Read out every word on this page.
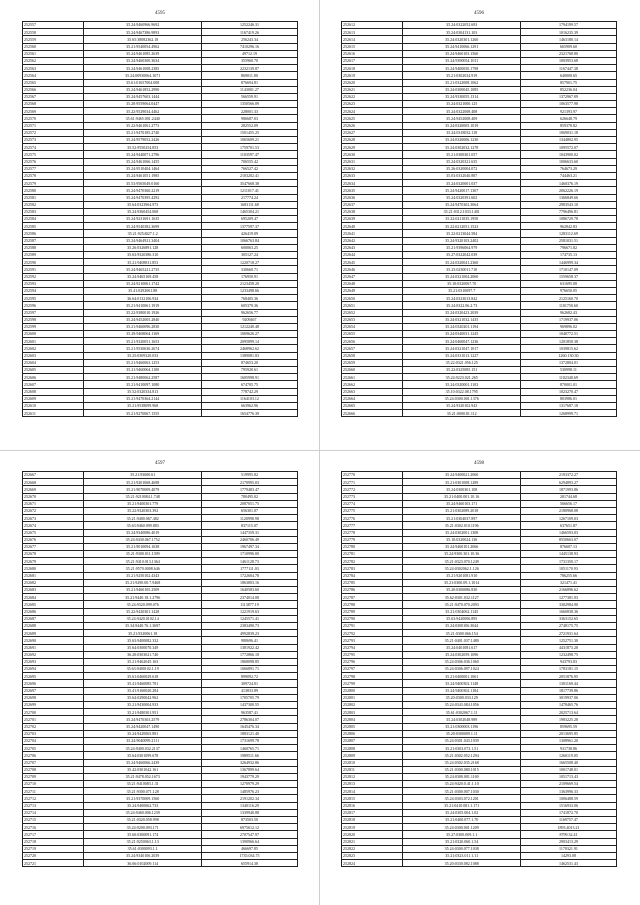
4595
252557	35.24:9460966.9692	1252246.31
252558	35.24:9467386.9893	1167419.26
252559	35.65:38082362.18	256243.34
252560	35.21:9540054.4962	7410296.16
252561	35.24:9461085.2639	49712.19
252562	35.24:9460300.3634	355960.70
252563	35.24:9461008.2385	2232139.87
252564	35.24:00930064.1071	869011.80
252565	35.61:01657004.008	876694.81
252566	35.24:9461852.2990	1143001.27
252567	35.24:9457603.1444	566559.91
252568	35.20:9559064.0447	1350566.09
252569	35.22:9529034.4462	228001.33
252570	35.61:9465.001.2440	986687.03
252571	35.22:9461061.2773	282552.09
252572	35.21:9470185.2740	1501455.25
252573	35.24:9579052.2426	1065609.21
252574	35.52:9550254.853	1759701.53
252575	35.24:9440071.2796	1103597.47
252576	35.24:9461066.1455	706555.42
252577	35.24:9510404.1464	766527.42
252578	35.24:9461051.1985	2103202.41
252579	35.53:9565049.0160	3547668.38
252580	35.24:9470360.2219	1211017.41
252581	35.24:9470395.4292	217774.24
252582	35.64:0323964.973	1683111.68
252583	35.24:9360454.068	1465304.21
252584	35.24:9231691.1635	695209.47
252585	35.24:9540382.3699	1377597.37
252586	35.21:9254027.1.2	426419.09
252587	35.24:9464921.3404	1066763.84
252588	35.26:0326891.128	600063.25
252589	35.63:9320386.310	305127.24
252590	35.21:9408811.853	1220718.27
252591	35.24:9465221.2735	330660.71
252592	35.24:9465169.458	176950.91
252593	35.24:9210061.1742	2123458.20
252594	35.41:0292061.88	1233498.66
252595	36.64:0132106.934	768405.36
252596	35.21:9410061.1919	605379.36
252597	35.22:9380010.1926	962656.77
252598	35.24:9452005.2840	9209467
252599	35.21:9460096.2830	1212240.48
252600	35.29:9468064.1169	1069626.27
252601	35.21:9320051.1653	2095899.14
252602	35.21:9530630.2674	2468962.62
252603	35.25:0309320.033	1389081.83
252604	35.21:9460063.1253	874653.20
252605	35.21:9460064.1100	795920.61
252606	35.21:9480062.2587	1605998.91
252607	35.21:9410097.1080	674705.75
252608	35.52:0320334.813	778742.29
252609	35.21:9470364.2144	1164103.12
252610	35.21:9538099.968	663962.96
252611	35.21:9270067.1555	1654776.39
4596
252612	35.24:0322052.693	1794199.57
252613	35.24:0304131.103	1016235.39
252614	35.24:0320301.1260	1463180.14
252615	35.24:9410066.1291	665909.60
252616	35.24:9460103.1560	2321768.80
252617	35.24:9390054.1011	1003953.68
252618	35.24:9400050.1798	1167447.38
252619	35.21:0302034.919	640000.65
252620	35.21:0322008.1062	857901.75
252621	35.24:0300045.1085	852236.04
252622	35.24:9330055.1314	1372967.09
252623	35.24:0321000.125	1063577.98
252624	35.24:0322008.408	921393.97
252625	35.24:9452008.409	626648.79
252626	35.24:0320005.1019	859378.82
252627	35.24:0318032.118	1069031.18
252628	35.24:0320006.1230	1344802.95
252629	35.24:0302032.1278	1095572.07
252630	35.21:0300301.057	1043900.02
252631	35.24:0320321.635	1006633.60
252632	35.26:0320004.072	764673.29
252633	35.03:0332040.887	744463.21
252634	35.24:0320001.037	1460376.19
252635	35.24:9420017.1307	2062226.19
252636	35.24:0320391.602	1366849.66
252637	35.24:9470302.3064	2983543.10
252638	35.21:0312.1033.1401	7796496.81
252639	35.22:0211035.1958	1086729.78
252640	35.22:0212051.1523	962842.83
252641	35.22:0213044.584	1283112.69
252642	35.24:9320103.2402	2581031.51
252643	35.21:9396064.979	796671.82
252644	35.27:0322042.039	174735.13
252645	35.24:0320041.2360	1446999.34
252646	35.25:0230011.710	1710147.09
252647	35.24:0321004.2060	1559658.37
252648	35.10:0320067.70	631695.08
252649	35.21:0310097.7	976650.05
252650	35.24:0323013.842	2125160.70
252651	35.24:0322.06.2.73	1101750.60
252652	35.24:0320423.2039	962682.43
252653	35.24:0321032.1435	1719937.06
252654	35.24:0320201.1194	969896.02
252655	35.24:0340031.1245	1040772.51
252656	35.24:0460047.1236	1201850.38
252657	35.24:0321047.1017	1039815.62
252658	35.24:0331013.1227	1260.130.30
252659	35.22:0321.056.125	1372804.01
252660	35.22:0325085.151	530998.11
252661	35.24:9223.021.265	1102340.69
252662	35.24:0320001.1103	870001.01
252663	35.10:0322.08.1795	1023270.47
252664	35.24:0300.001.1376	803986.01
252665	35.24:9320102.943	1317687.18
252666	35.21:0000.81.112	1268999.71
4597
252667	35.21:93000.61	519995.82
252668	35.21:9201068.4698	2170995.03
252669	35.21:9070009.4079	1779483.47
252670	35.21:9210084.1.748	780495.02
252671	35.21:9400301.779	2087051.75
252672	35.22:9320303.392	656301.07
252673	35.21:9400.067.482	1120998.98
252674	35.63:9460.099.883	837115.07
252675	35.24:9340086.4019	1447359.31
252676	35.24:9430.067.1752	2460706.49
252677	35.21:9010094.1638	1967497.34
252678	35.21:9300.011.1399	1710996.00
252679	35.21:9410.013.1364	1461128.73
252680	35.21:9570.0008.646	1777111.03
252681	35.21:9250102.4343	1722604.78
252682	35.21:9290.00.7.9468	1863803.16
252683	35.21:9460105.2509	1640583.60
252684	35.21:9440.18.1.2796	2374014.08
252685	35.24:9320.099.076	1113877.19
252686	35.22:9420301.1428	1221919.63
252687	35.24:9420.0102.14	1245571.41
252688	35.34:9440.76.1.3697	2383490.73
252689	35.21:9320061.18	4992839.23
252690	35.63:9400082.332	980696.41
252691	35.64:0300070.349	1381922.42
252692	36.20:0303021.740	1772866.18
252693	35.21:9462045.163	1868098.85
252694	35.63:9400102.1.19	1066891.71
252695	35.61:0460029.618	899092.72
252696	35.41:9460085.781	309724.01
252697	35.41:9160020.284	413833.89
252698	35.64:0290042.962	1705705.79
252699	35.21:9430004.933	1437300.55
252700	35.21:9480301.951	963587.41
252701	35.24:9470303.2579	2786304.07
252702	35.24:9420047.1490	1645476.34
252703	35.24:9420065.881	1883121.40
252704	35.24:9040099.2111	1731699.78
252705	35.24:9400.032.2137	1460765.71
252706	35.64:0301099.678	1989511.66
252707	35.24:9460066.2439	3264932.86
252708	35.42:0301042.161	1367899.64
252709	35.21:9478.052.1673	1943779.29
252710	35.21:9410083.1.31	1270979.29
252711	35.21:9300.071.128	1485976.23
252712	35.21:9370009.1560	2191202.34
252713	35.24:9400062.733	1340116.29
252714	35.24:9460.006.1239	1339940.88
252715	35.21:0320.058.998	873503.50
252716	35.24:9200.093.171	6975612.12
252717	35.60:0300091.174	2707547.97
252718	35.21:9250063.1.13	1390966.64
252719	35.61:0300093.1.1	466697.85
252720	35.24:9340106.2039	1735.034.75
252721	36.66:0102009.114	655914.38
4598
252770	35.24:9400021.2060	2193372.27
252771	35.21:0301008.1289	6294893.27
252772	35.24:0300301.108	1871993.86
252773	35.21:0400.001.10.16	201744.68
252774	35.24:9460103.171	566656.17
252775	35.21:0302089.2018	2180968.08
252776	35.21:0304037.897	1267109.03
252777	35.21:0302.010.1196	637651.87
252778	35.24:0302001.1308	1466593.03
252779	35.10:0320024.136	8550663.07
252780	35.24:9460101.2066	876607.13
252781	35.24:9300.301.10.36	1445138.93
252782	35.21:0323.070.1249	1731350.17
252783	35.24:0302062.1.126	1051170.93
252784	35.21:9201081.910	786255.66
252785	35.21:0300.09.1.1014	321471.41
252786	35.20:0300086.830	2166896.62
252787	35.62:0301.032.1127	1277381.93
252788	35.21:9470.070.2093	3302984.90
252789	35.21:0304062.1145	1660838.36
252790	35.63:9420006.895	3363152.65
252791	35.24:0300106.3044	2748175.75
252792	35.21:0300.066.154	2721931.64
252793	35.21:0401.037.1480	1252751.30
252794	35.24:0401081.617	4431873.28
252795	35.24:0302059.1096	1232498.75
252796	35.24:0306.036.1060	943793.83
252797	35.24:0306.097.1024	1783181.15
252798	35.21:0400001.1061	2051876.95
252799	35.24:9400302.1148	1301169.44
252800	35.24:9400302.1184	1817739.86
252801	35.20:0300.033.129	3019937.06
252802	35.24:0343.084.1056	1478465.76
252803	35.61:0302067.1.11	2025713.64
252804	35.24:0302048.989	1983225.28
252805	35.21:0300003.1196	859695.59
252806	35.20:0300009.1.11	2013695.85
252807	35.24:0301.043.1039	1308961.20
252808	35.21:0303.073.1.51	931738.86
252809	35.21:0302.052.1294	1260119.05
252810	35.24:0302.035.2168	1665508.40
252811	35.21:0300.080.1015	1001748.01
252812	35.24:0300.001.1169	1051713.43
252813	35.24:9420.0.41.1.10	2109669.54
252814	35.21:0300.007.1030	1363996.33
252815	35.24:0303.072.1201	1006488.59
252816	35.21:0410.081.1.171	1516933.06
252817	35.24:0305.004.1.02	1741872.70
252818	35.21:0400.077.1.70	1169757.47
252819	35.24:0300.001.1209	1893.4013.21
252820	35.27:0300.009.1.1	8799.32.41
252821	35.21:0320.060.1.54	2903413.29
252822	35.24:0300.077.1038	1170321.91
252823	35.21:0323.011.1.11	14293.08
252824	35.20:0330.082.1088	1462531.43
